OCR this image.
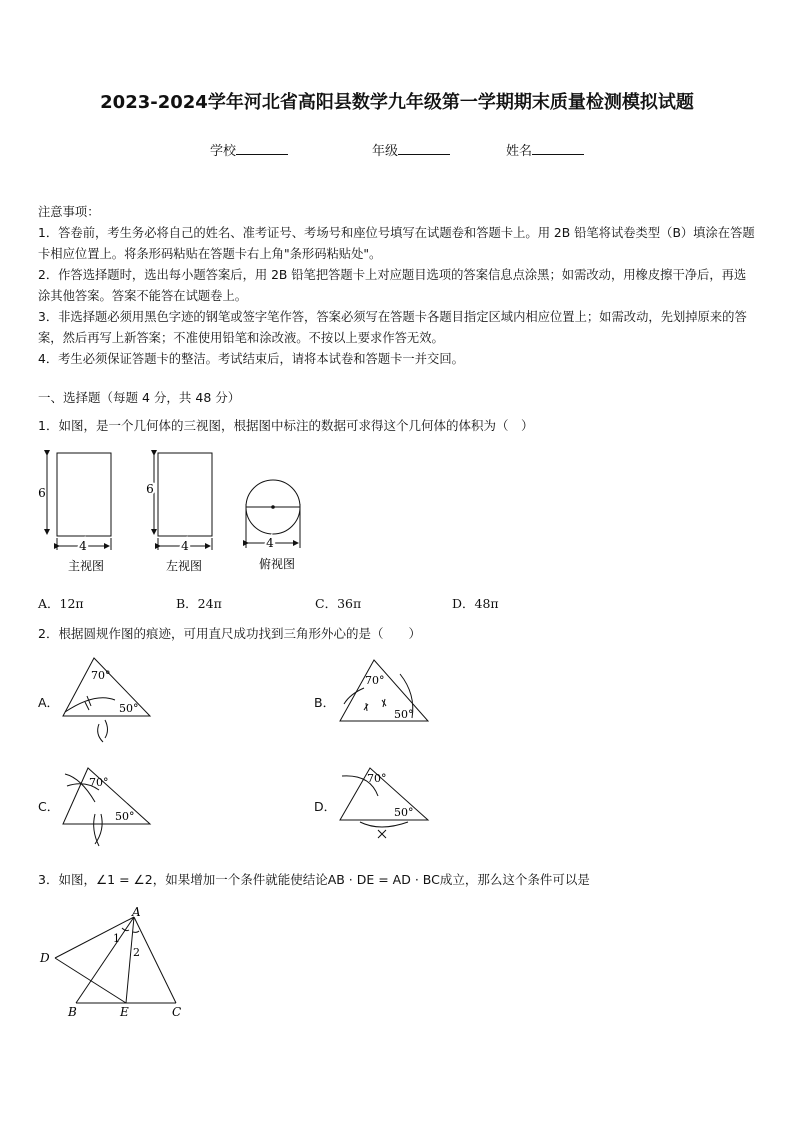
2023-2024学年河北省高阳县数学九年级第一学期期末质量检测模拟试题
学校	年级	姓名

注意事项：

1．答卷前，考生务必将自己的姓名、准考证号、考场号和座位号填写在试题卷和答题卡上。用 2B 铅笔将试卷类型（B）填涂在答题卡相应位置上。将条形码粘贴在答题卡右上角"条形码粘贴处"。

2．作答选择题时，选出每小题答案后，用 2B 铅笔把答题卡上对应题目选项的答案信息点涂黑；如需改动，用橡皮擦干净后，再选涂其他答案。答案不能答在试题卷上。

3．非选择题必须用黑色字迹的钢笔或签字笔作答，答案必须写在答题卡各题目指定区域内相应位置上；如需改动，先划掉原来的答案，然后再写上新答案；不准使用铅笔和涂改液。不按以上要求作答无效。

4．考生必须保证答题卡的整洁。考试结束后，请将本试卷和答题卡一并交回。

一、选择题（每题 4 分，共 48 分）
1．如图，是一个几何体的三视图，根据图中标注的数据可求得这个几何体的体积为（　）
6
4
6
4	4
主视图	左视图	俯视图
A．12π	B．24π	C．36π	D．48π
2．根据圆规作图的痕迹，可用直尺成功找到三角形外心的是（　　）
A．
70°
50°	B．
70°
50°
C．
70°
50°
D．
70°
50°
3．如图，∠1 = ∠2，如果增加一个条件就能使结论AB · DE = AD · BC成立，那么这个条件可以是
A
D
B	E	C
1
2
